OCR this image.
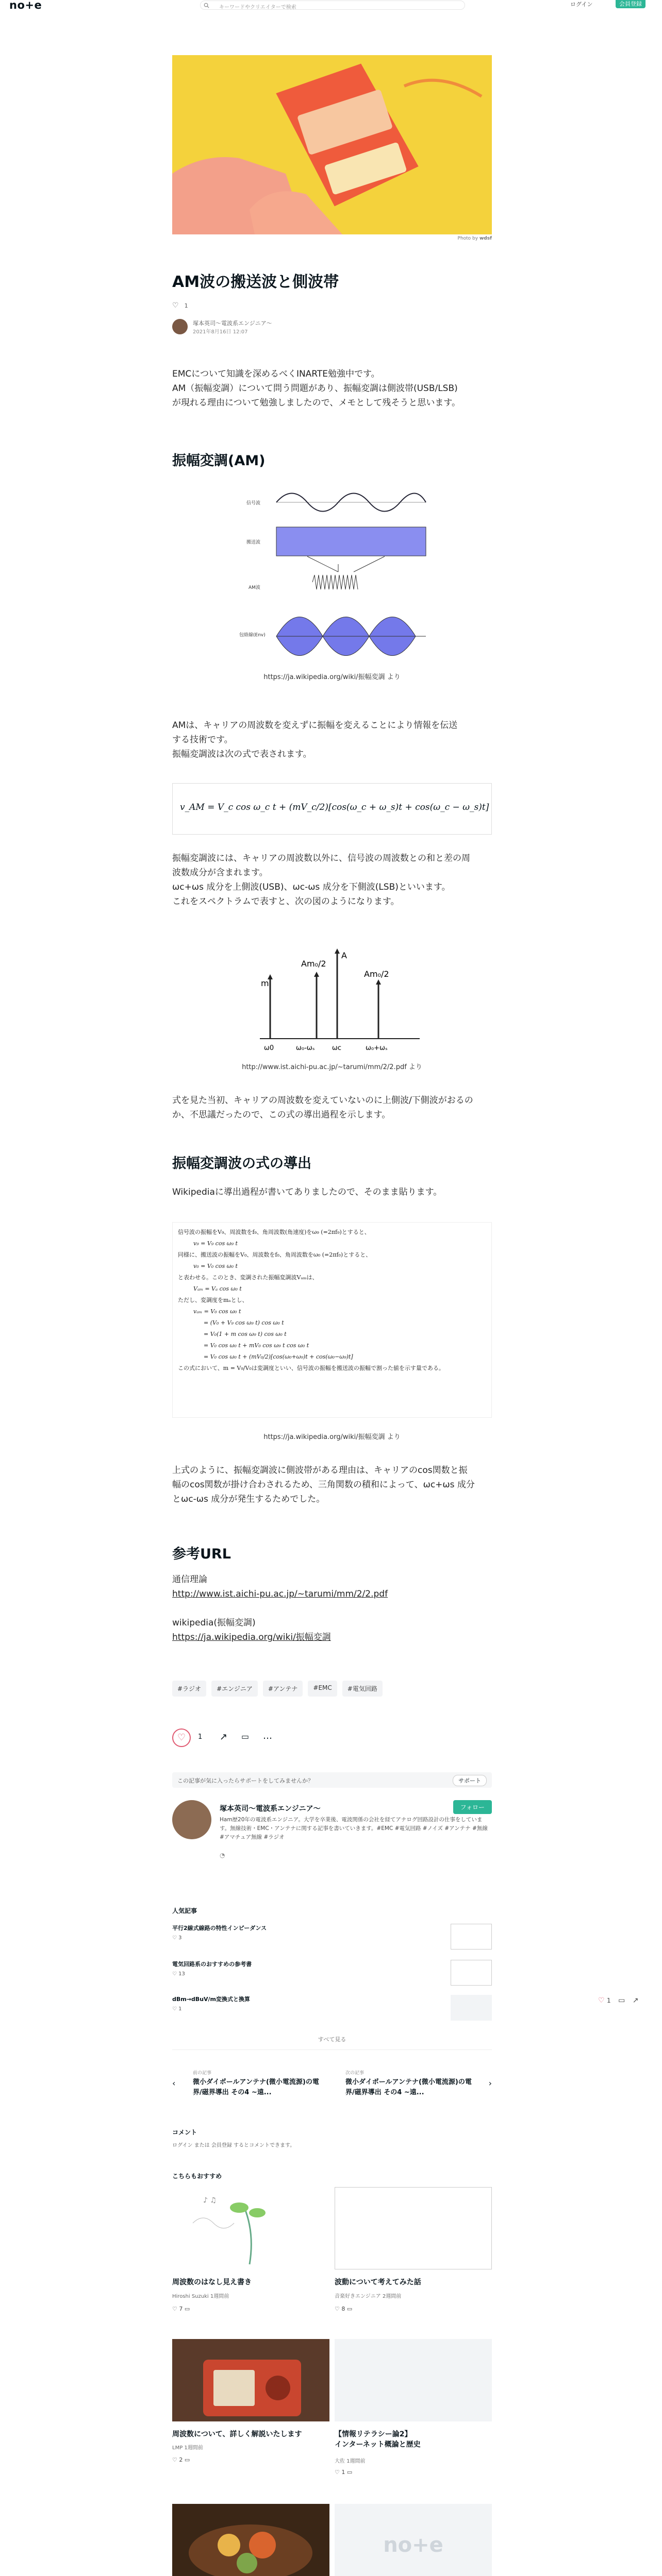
no+e	キーワードやクリエイターで検索	ログイン	会員登録
Photo by wdsf
AM波の搬送波と側波帯
♡ 1
塚本英司～電波系エンジニア～
2021年8月16日 12:07

EMCについて知識を深めるべくINARTE勉強中です。

AM（振幅変調）について問う問題があり、振幅変調は側波帯(USB/LSB)

が現れる理由について勉強しましたので、メモとして残そうと思います。

振幅変調(AM)
信号波
搬送波
AM波
包絡線(Env)
https://ja.wikipedia.org/wiki/振幅変調 より

AMは、キャリアの周波数を変えずに振幅を変えることにより情報を伝送

する技術です。

振幅変調波は次の式で表されます。

v_AM = V_c cos ω_c t + (mV_c/2)[cos(ω_c + ω_s)t + cos(ω_c − ω_s)t]

振幅変調波には、キャリアの周波数以外に、信号波の周波数との和と差の周

波数成分が含まれます。

ωc+ωs 成分を上側波(USB)、ωc-ωs 成分を下側波(LSB)といいます。

これをスペクトラムで表すと、次の図のようになります。

m
Am₀/2
A
Am₀/2
ω0	ω₀-ωₛ	ωc	ω₀+ωₛ
http://www.ist.aichi-pu.ac.jp/~tarumi/mm/2/2.pdf より

式を見た当初、キャリアの周波数を変えていないのに上側波/下側波がおるの

か、不思議だったので、この式の導出過程を示します。

振幅変調波の式の導出

Wikipediaに導出過程が書いてありましたので、そのまま貼ります。

信号波の振幅をV₉、周波数をf₉、角周波数(角速度)をω₉ (=2πf₉)とすると、
v₉ = V₉ cos ω₉ t
同様に、搬送波の振幅をV₀、周波数をf₀、角周波数をω₀ (=2πf₀)とすると、
v₀ = V₀ cos ω₀ t
と表わせる。このとき、変調された振幅変調波Vₐₘは、
Vₐₘ = Vₐ cos ω₀ t
ただし、変調度をmₐとし、
vₐₘ = V₀ cos ω₀ t
= (V₀ + V₉ cos ω₉ t) cos ω₀ t
= V₀(1 + m cos ω₉ t) cos ω₀ t
= V₀ cos ω₀ t + mV₀ cos ω₉ t cos ω₀ t
= V₀ cos ω₀ t + (mV₀/2)[cos(ω₀+ω₉)t + cos(ω₀−ω₉)t]
この式において、m = V₉/V₀は変調度といい、信号波の振幅を搬送波の振幅で割った値を示す量である。
https://ja.wikipedia.org/wiki/振幅変調 より

上式のように、振幅変調波に側波帯がある理由は、キャリアのcos関数と振

幅のcos関数が掛け合わされるため、三角関数の積和によって、ωc+ωs 成分

とωc-ωs 成分が発生するためでした。

参考URL

通信理論

http://www.ist.aichi-pu.ac.jp/~tarumi/mm/2/2.pdf

wikipedia(振幅変調)

https://ja.wikipedia.org/wiki/振幅変調

#ラジオ	#エンジニア	#アンテナ	#EMC	#電気回路
♡	1 ↗ ▭ …
この記事が気に入ったらサポートをしてみませんか？	サポート
塚本英司～電波系エンジニア～	フォロー
Ham歴20年の電波系エンジニア。大学を卒業後、電波関係の会社を経てアナログ回路設計の仕事をしています。無線技術・EMC・アンテナに関する記事を書いていきます。#EMC #電気回路 #ノイズ #アンテナ #無線 #アマチュア無線 #ラジオ
◔
人気記事
平行2線式線路の特性インピーダンス
♡ 3
電気回路系のおすすめの参考書
♡ 13
dBm→dBuV/m変換式と換算
♡ 1
すべて見る
‹
前の記事
微小ダイポールアンテナ(微小電流源)の電界/磁界導出 その4 ~遠...
次の記事
微小ダイポールアンテナ(微小電流源)の電界/磁界導出 その4 ~遠...
›
コメント
ログイン または 会員登録 するとコメントできます。
こちらもおすすめ
♪ ♫
周波数のはなし見え書き	波動について考えてみた話
Hiroshi Suzuki 1週間前	音楽好きエンジニア 2週間前
♡ 7 ▭	♡ 8 ▭
周波数について、詳しく解説いたします	【情報リテラシー論2】
インターネット概論と歴史
LMP 1週間前
大佐 1週間前
♡ 2 ▭
♡ 1 ▭
no+e
♡ 1 ▭ ↗
